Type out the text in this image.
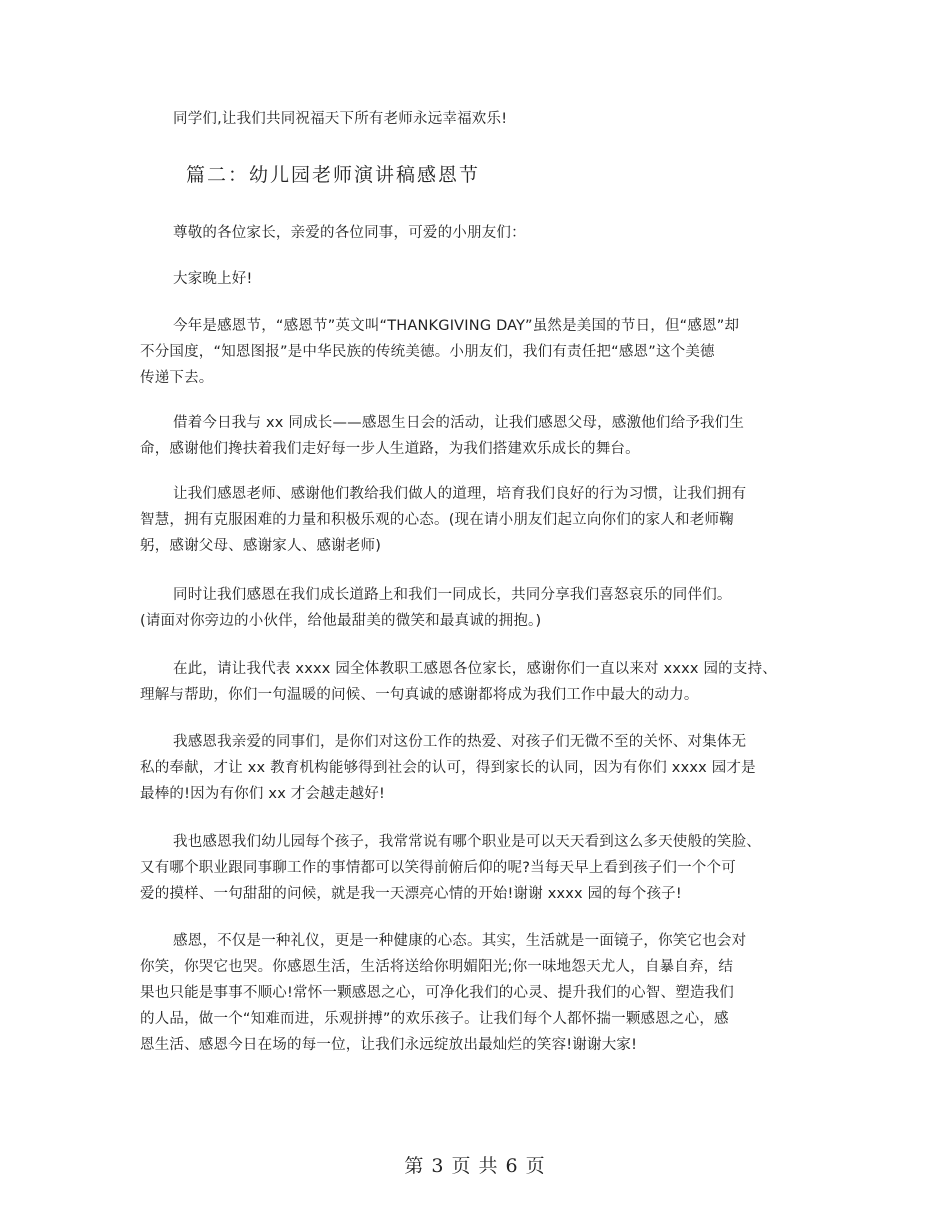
同学们,让我们共同祝福天下所有老师永远幸福欢乐!
篇二：幼儿园老师演讲稿感恩节
尊敬的各位家长，亲爱的各位同事，可爱的小朋友们：
大家晚上好!
今年是感恩节，“感恩节”英文叫“THANKGIVING DAY”虽然是美国的节日，但“感恩”却
不分国度，“知恩图报”是中华民族的传统美德。小朋友们，我们有责任把“感恩”这个美德
传递下去。
借着今日我与 xx 同成长——感恩生日会的活动，让我们感恩父母，感激他们给予我们生
命，感谢他们搀扶着我们走好每一步人生道路，为我们搭建欢乐成长的舞台。
让我们感恩老师、感谢他们教给我们做人的道理，培育我们良好的行为习惯，让我们拥有
智慧，拥有克服困难的力量和积极乐观的心态。(现在请小朋友们起立向你们的家人和老师鞠
躬，感谢父母、感谢家人、感谢老师)
同时让我们感恩在我们成长道路上和我们一同成长，共同分享我们喜怒哀乐的同伴们。
(请面对你旁边的小伙伴，给他最甜美的微笑和最真诚的拥抱。)
在此，请让我代表 xxxx 园全体教职工感恩各位家长，感谢你们一直以来对 xxxx 园的支持、
理解与帮助，你们一句温暖的问候、一句真诚的感谢都将成为我们工作中最大的动力。
我感恩我亲爱的同事们，是你们对这份工作的热爱、对孩子们无微不至的关怀、对集体无
私的奉献，才让 xx 教育机构能够得到社会的认可，得到家长的认同，因为有你们 xxxx 园才是
最棒的!因为有你们 xx 才会越走越好!
我也感恩我们幼儿园每个孩子，我常常说有哪个职业是可以天天看到这么多天使般的笑脸、
又有哪个职业跟同事聊工作的事情都可以笑得前俯后仰的呢?当每天早上看到孩子们一个个可
爱的摸样、一句甜甜的问候，就是我一天漂亮心情的开始!谢谢 xxxx 园的每个孩子!
感恩，不仅是一种礼仪，更是一种健康的心态。其实，生活就是一面镜子，你笑它也会对
你笑，你哭它也哭。你感恩生活，生活将送给你明媚阳光;你一味地怨天尤人，自暴自弃，结
果也只能是事事不顺心!常怀一颗感恩之心，可净化我们的心灵、提升我们的心智、塑造我们
的人品，做一个“知难而进，乐观拼搏”的欢乐孩子。让我们每个人都怀揣一颗感恩之心，感
恩生活、感恩今日在场的每一位，让我们永远绽放出最灿烂的笑容!谢谢大家!
第 3 页 共 6 页
